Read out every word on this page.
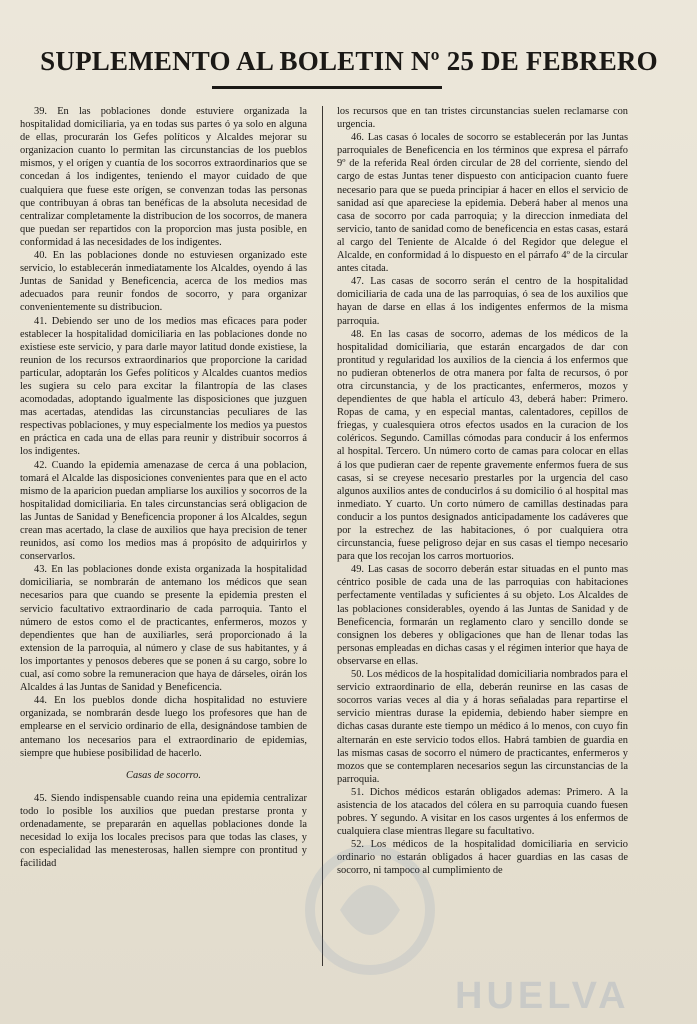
SUPLEMENTO AL BOLETIN Nº 25 DE FEBRERO

39. En las poblaciones donde estuviere organizada la hospitalidad domiciliaria, ya en todas sus partes ó ya solo en alguna de ellas, procurarán los Gefes políticos y Alcaldes mejorar su organizacion cuanto lo permitan las circunstancias de los pueblos mismos, y el orígen y cuantía de los socorros extraordinarios que se concedan á los indigentes, teniendo el mayor cuidado de que cualquiera que fuese este orígen, se convenzan todas las personas que contribuyan á obras tan benéficas de la absoluta necesidad de centralizar completamente la distribucion de los socorros, de manera que puedan ser repartidos con la proporcion mas justa posible, en conformidad á las necesidades de los indigentes.

40. En las poblaciones donde no estuviesen organizado este servicio, lo establecerán inmediatamente los Alcaldes, oyendo á las Juntas de Sanidad y Beneficencia, acerca de los medios mas adecuados para reunir fondos de socorro, y para organizar convenientemente su distribucion.

41. Debiendo ser uno de los medios mas eficaces para poder establecer la hospitalidad domiciliaria en las poblaciones donde no existiese este servicio, y para darle mayor latitud donde existiese, la reunion de los recursos extraordinarios que proporcione la caridad particular, adoptarán los Gefes políticos y Alcaldes cuantos medios les sugiera su celo para excitar la filantropía de las clases acomodadas, adoptando igualmente las disposiciones que juzguen mas acertadas, atendidas las circunstancias peculiares de las respectivas poblaciones, y muy especialmente los medios ya puestos en práctica en cada una de ellas para reunir y distribuir socorros á los indigentes.

42. Cuando la epidemia amenazase de cerca á una poblacion, tomará el Alcalde las disposiciones convenientes para que en el acto mismo de la aparicion puedan ampliarse los auxilios y socorros de la hospitalidad domiciliaria. En tales circunstancias será obligacion de las Juntas de Sanidad y Beneficencia proponer á los Alcaldes, segun crean mas acertado, la clase de auxilios que haya precision de tener reunidos, así como los medios mas á propósito de adquirirlos y conservarlos.

43. En las poblaciones donde exista organizada la hospitalidad domiciliaria, se nombrarán de antemano los médicos que sean necesarios para que cuando se presente la epidemia presten el servicio facultativo extraordinario de cada parroquia. Tanto el número de estos como el de practicantes, enfermeros, mozos y dependientes que han de auxiliarles, será proporcionado á la extension de la parroquia, al número y clase de sus habitantes, y á los importantes y penosos deberes que se ponen á su cargo, sobre lo cual, así como sobre la remuneracion que haya de dárseles, oirán los Alcaldes á las Juntas de Sanidad y Beneficencia.

44. En los pueblos donde dicha hospitalidad no estuviere organizada, se nombrarán desde luego los profesores que han de emplearse en el servicio ordinario de ella, designándose tambien de antemano los necesarios para el extraordinario de epidemias, siempre que hubiese posibilidad de hacerlo.

Casas de socorro.

45. Siendo indispensable cuando reina una epidemia centralizar todo lo posible los auxilios que puedan prestarse pronta y ordenadamente, se prepararán en aquellas poblaciones donde la necesidad lo exija los locales precisos para que todas las clases, y con especialidad las menesterosas, hallen siempre con prontitud y facilidad

los recursos que en tan tristes circunstancias suelen reclamarse con urgencia.

46. Las casas ó locales de socorro se establecerán por las Juntas parroquiales de Beneficencia en los términos que expresa el párrafo 9º de la referida Real órden circular de 28 del corriente, siendo del cargo de estas Juntas tener dispuesto con anticipacion cuanto fuere necesario para que se pueda principiar á hacer en ellos el servicio de sanidad así que apareciese la epidemia. Deberá haber al menos una casa de socorro por cada parroquia; y la direccion inmediata del servicio, tanto de sanidad como de beneficencia en estas casas, estará al cargo del Teniente de Alcalde ó del Regidor que delegue el Alcalde, en conformidad á lo dispuesto en el párrafo 4º de la circular antes citada.

47. Las casas de socorro serán el centro de la hospitalidad domiciliaria de cada una de las parroquias, ó sea de los auxilios que hayan de darse en ellas á los indigentes enfermos de la misma parroquia.

48. En las casas de socorro, ademas de los médicos de la hospitalidad domiciliaria, que estarán encargados de dar con prontitud y regularidad los auxilios de la ciencia á los enfermos que no pudieran obtenerlos de otra manera por falta de recursos, ó por otra circunstancia, y de los practicantes, enfermeros, mozos y dependientes de que habla el artículo 43, deberá haber: Primero. Ropas de cama, y en especial mantas, calentadores, cepillos de friegas, y cualesquiera otros efectos usados en la curacion de los coléricos. Segundo. Camillas cómodas para conducir á los enfermos al hospital. Tercero. Un número corto de camas para colocar en ellas á los que pudieran caer de repente gravemente enfermos fuera de sus casas, si se creyese necesario prestarles por la urgencia del caso algunos auxilios antes de conducirlos á su domicilio ó al hospital mas inmediato. Y cuarto. Un corto número de camillas destinadas para conducir a los puntos designados anticipadamente los cadáveres que por la estrechez de las habitaciones, ó por cualquiera otra circunstancia, fuese peligroso dejar en sus casas el tiempo necesario para que los recojan los carros mortuorios.

49. Las casas de socorro deberán estar situadas en el punto mas céntrico posible de cada una de las parroquias con habitaciones perfectamente ventiladas y suficientes á su objeto. Los Alcaldes de las poblaciones considerables, oyendo á las Juntas de Sanidad y de Beneficencia, formarán un reglamento claro y sencillo donde se consignen los deberes y obligaciones que han de llenar todas las personas empleadas en dichas casas y el régimen interior que haya de observarse en ellas.

50. Los médicos de la hospitalidad domiciliaria nombrados para el servicio extraordinario de ella, deberán reunirse en las casas de socorros varias veces al dia y á horas señaladas para repartirse el servicio mientras durase la epidemia, debiendo haber siempre en dichas casas durante este tiempo un médico á lo menos, con cuyo fin alternarán en este servicio todos ellos. Habrá tambien de guardia en las mismas casas de socorro el número de practicantes, enfermeros y mozos que se contemplaren necesarios segun las circunstancias de la parroquia.

51. Dichos médicos estarán obligados ademas: Primero. A la asistencia de los atacados del cólera en su parroquia cuando fuesen pobres. Y segundo. A visitar en los casos urgentes á los enfermos de cualquiera clase mientras llegare su facultativo.

52. Los médicos de la hospitalidad domiciliaria en servicio ordinario no estarán obligados á hacer guardias en las casas de socorro, ni tampoco al cumplimiento de

HUELVA
